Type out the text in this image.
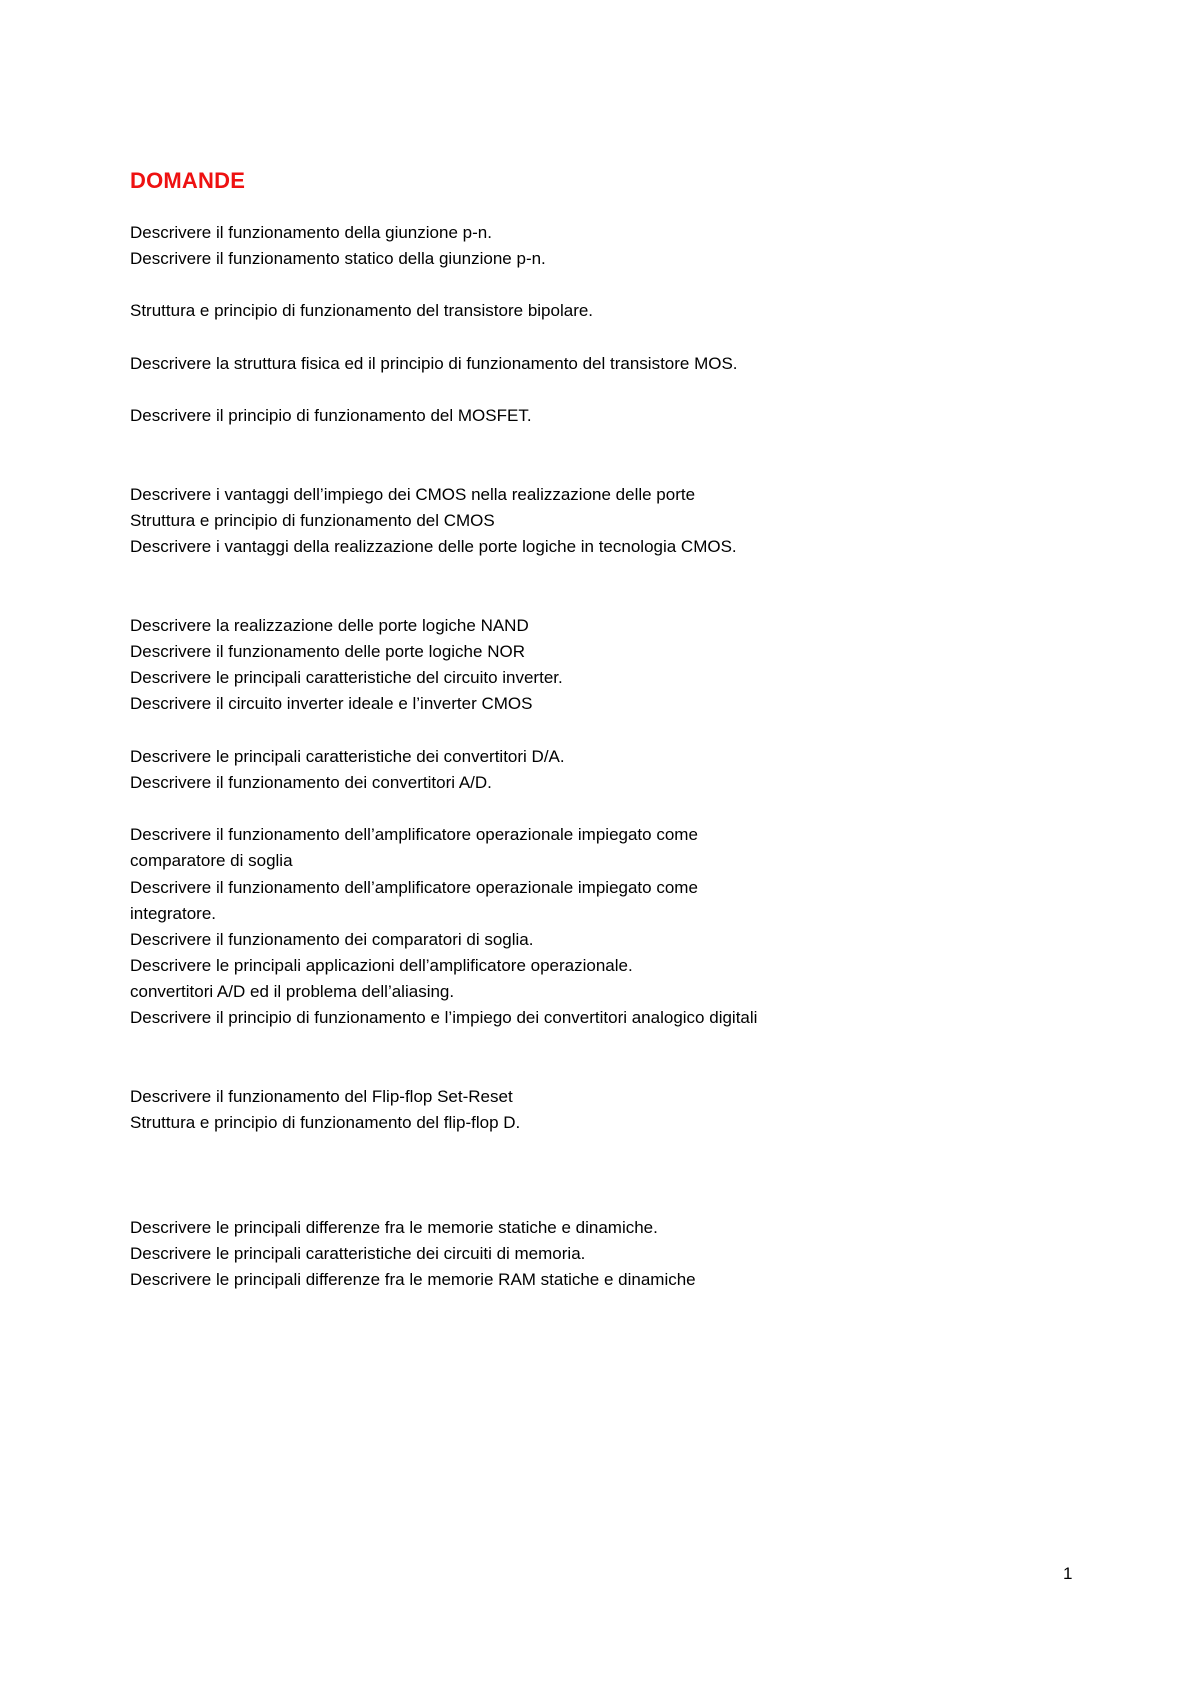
DOMANDE
Descrivere il funzionamento della giunzione p-n.
Descrivere il funzionamento statico della giunzione p-n.
Struttura e principio di funzionamento del transistore bipolare.
Descrivere la struttura fisica ed il principio di funzionamento del transistore MOS.
Descrivere il principio di funzionamento del MOSFET.
Descrivere i vantaggi dell’impiego dei CMOS nella realizzazione delle porte
Struttura e principio di funzionamento del CMOS
Descrivere i vantaggi della realizzazione delle porte logiche in tecnologia CMOS.
Descrivere la realizzazione delle porte logiche NAND
Descrivere il funzionamento delle porte logiche NOR
Descrivere le principali caratteristiche del circuito inverter.
Descrivere il circuito inverter ideale e l’inverter CMOS
Descrivere le principali caratteristiche dei convertitori D/A.
Descrivere il funzionamento dei convertitori A/D.
Descrivere il funzionamento dell’amplificatore operazionale impiegato come
comparatore di soglia
Descrivere il funzionamento dell’amplificatore operazionale impiegato come
integratore.
Descrivere il funzionamento dei comparatori di soglia.
Descrivere le principali applicazioni dell’amplificatore operazionale.
convertitori A/D ed il problema dell’aliasing.
Descrivere il principio di funzionamento e l’impiego dei convertitori analogico digitali
Descrivere il funzionamento del Flip-flop Set-Reset
Struttura e principio di funzionamento del flip-flop D.
Descrivere le principali differenze fra le memorie statiche e dinamiche.
Descrivere le principali caratteristiche dei circuiti di memoria.
Descrivere le principali differenze fra le memorie RAM statiche e dinamiche
1
